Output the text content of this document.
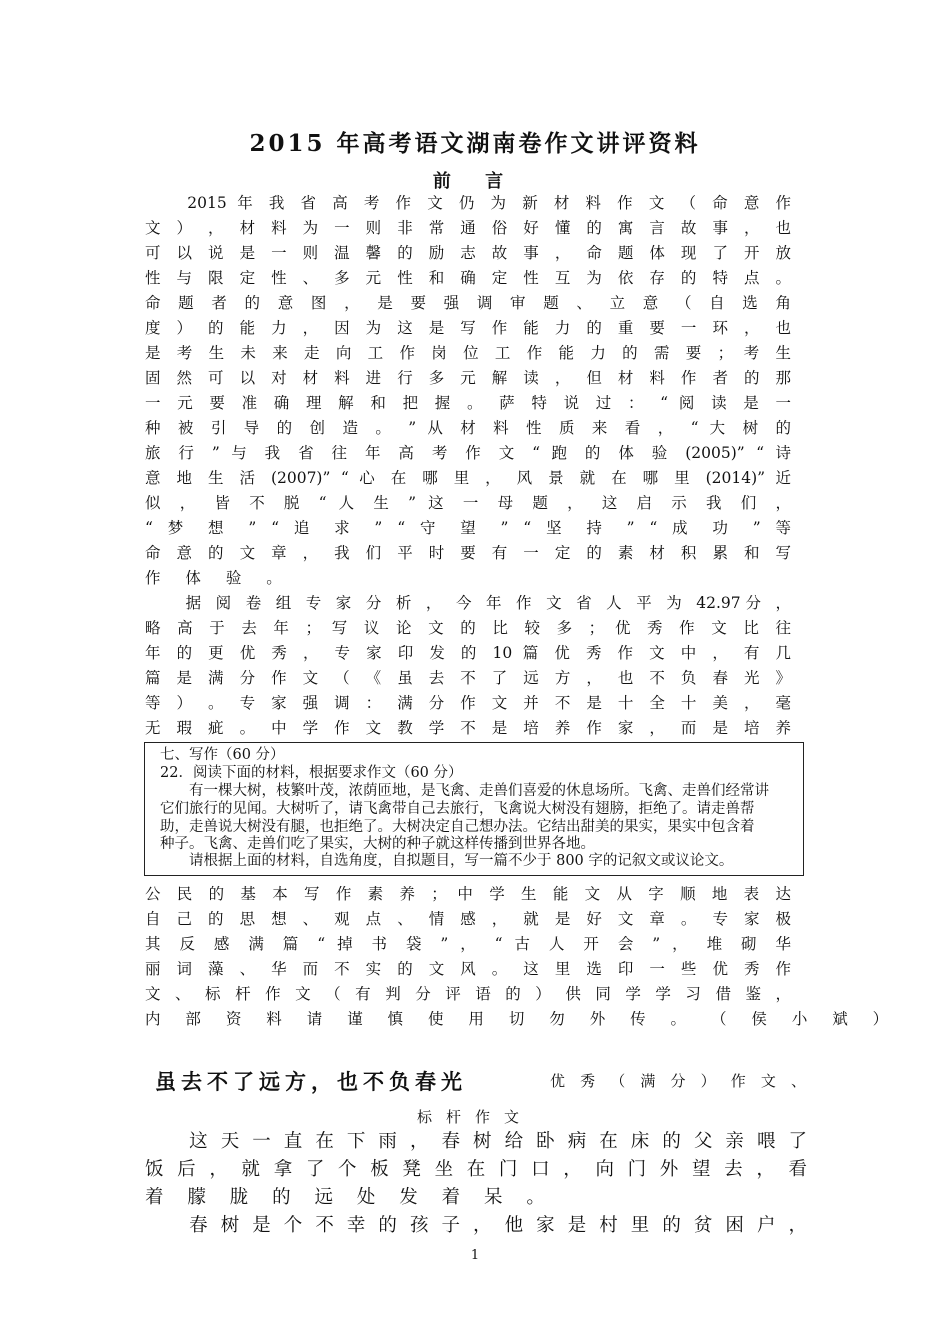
2015 年高考语文湖南卷作文讲评资料
前 言
　　2015 年 我 省 高 考 作 文 仍 为 新 材 料 作 文 （ 命 意 作
文 ） ， 材 料 为 一 则 非 常 通 俗 好 懂 的 寓 言 故 事 ， 也
可 以 说 是 一 则 温 馨 的 励 志 故 事 ， 命 题 体 现 了 开 放
性 与 限 定 性 、 多 元 性 和 确 定 性 互 为 依 存 的 特 点 。
命 题 者 的 意 图 ， 是 要 强 调 审 题 、 立 意 （ 自 选 角
度 ） 的 能 力 ， 因 为 这 是 写 作 能 力 的 重 要 一 环 ， 也
是 考 生 未 来 走 向 工 作 岗 位 工 作 能 力 的 需 要 ； 考 生
固 然 可 以 对 材 料 进 行 多 元 解 读 ， 但 材 料 作 者 的 那
一 元 要 准 确 理 解 和 把 握 。 萨 特 说 过 ： “ 阅 读 是 一
种 被 引 导 的 创 造 。 ” 从 材 料 性 质 来 看 ， “ 大 树 的
旅 行 ” 与 我 省 往 年 高 考 作 文 “ 跑 的 体 验 (2005)” “ 诗
意 地 生 活 (2007)” “ 心 在 哪 里 ， 风 景 就 在 哪 里 (2014)” 近
似 ， 皆 不 脱 “ 人 生 ” 这 一 母 题 ， 这 启 示 我 们 ，
“ 梦 想 ” “ 追 求 ” “ 守 望 ” “ 坚 持 ” “ 成 功 ” 等
命 意 的 文 章 ， 我 们 平 时 要 有 一 定 的 素 材 积 累 和 写
作 体 验 。
　　据 阅 卷 组 专 家 分 析 ， 今 年 作 文 省 人 平 为 42.97分 ，
略 高 于 去 年 ； 写 议 论 文 的 比 较 多 ； 优 秀 作 文 比 往
年 的 更 优 秀 ， 专 家 印 发 的 10 篇 优 秀 作 文 中 ， 有 几
篇 是 满 分 作 文 （ 《 虽 去 不 了 远 方 ， 也 不 负 春 光 》
等 ） 。 专 家 强 调 ： 满 分 作 文 并 不 是 十 全 十 美 ， 毫
无 瑕 疵 。 中 学 作 文 教 学 不 是 培 养 作 家 ， 而 是 培 养
七、写作（60 分）
22．阅读下面的材料，根据要求作文（60 分）
　　有一棵大树，枝繁叶茂，浓荫匝地，是飞禽、走兽们喜爱的休息场所。飞禽、走兽们经常讲
它们旅行的见闻。大树听了，请飞禽带自己去旅行，飞禽说大树没有翅膀，拒绝了。请走兽帮
助，走兽说大树没有腿，也拒绝了。大树决定自己想办法。它结出甜美的果实，果实中包含着
种子。飞禽、走兽们吃了果实，大树的种子就这样传播到世界各地。
　　请根据上面的材料，自选角度，自拟题目，写一篇不少于 800 字的记叙文或议论文。
公 民 的 基 本 写 作 素 养 ； 中 学 生 能 文 从 字 顺 地 表 达
自 己 的 思 想 、 观 点 、 情 感 ， 就 是 好 文 章 。 专 家 极
其 反 感 满 篇 “ 掉 书 袋 ” ， “ 古 人 开 会 ” ， 堆 砌 华
丽 词 藻 、 华 而 不 实 的 文 风 。 这 里 选 印 一 些 优 秀 作
文 、 标 杆 作 文 （ 有 判 分 评 语 的 ） 供 同 学 学 习 借 鉴 ，
内 部 资 料 请 谨 慎 使 用 切 勿 外 传 。 （ 侯 小 斌 ）
虽去不了远方，也不负春光	优 秀 （ 满 分 ） 作 文 、
标杆作文
　　这 天 一 直 在 下 雨 ， 春 树 给 卧 病 在 床 的 父 亲 喂 了
饭 后 ， 就 拿 了 个 板 凳 坐 在 门 口 ， 向 门 外 望 去 ， 看
着 朦 胧 的 远 处 发 着 呆 。
　　春 树 是 个 不 幸 的 孩 子 ， 他 家 是 村 里 的 贫 困 户 ，
1
